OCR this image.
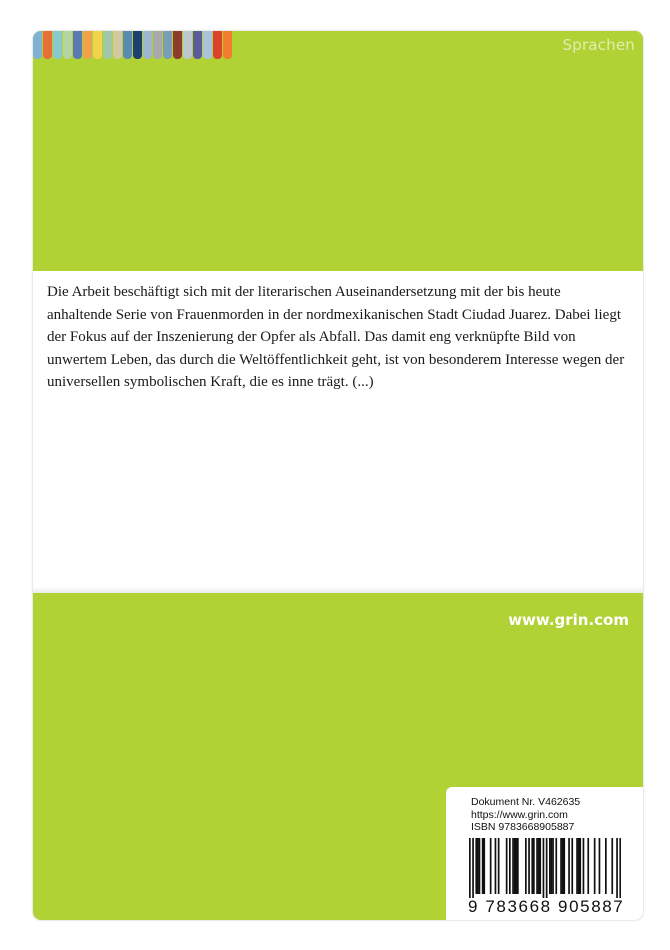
Sprachen

Die Arbeit beschäftigt sich mit der literarischen Auseinandersetzung mit der bis heute anhaltende Serie von Frauenmorden in der nordmexikanischen Stadt Ciudad Juarez. Dabei liegt der Fokus auf der Inszenierung der Opfer als Abfall. Das damit eng verknüpfte Bild von unwertem Leben, das durch die Weltöffentlichkeit geht, ist von besonderem Interesse wegen der universellen symbolischen Kraft, die es inne trägt. (...)

www.grin.com
Dokument Nr. V462635
https://www.grin.com
ISBN 9783668905887
9 783668 905887
